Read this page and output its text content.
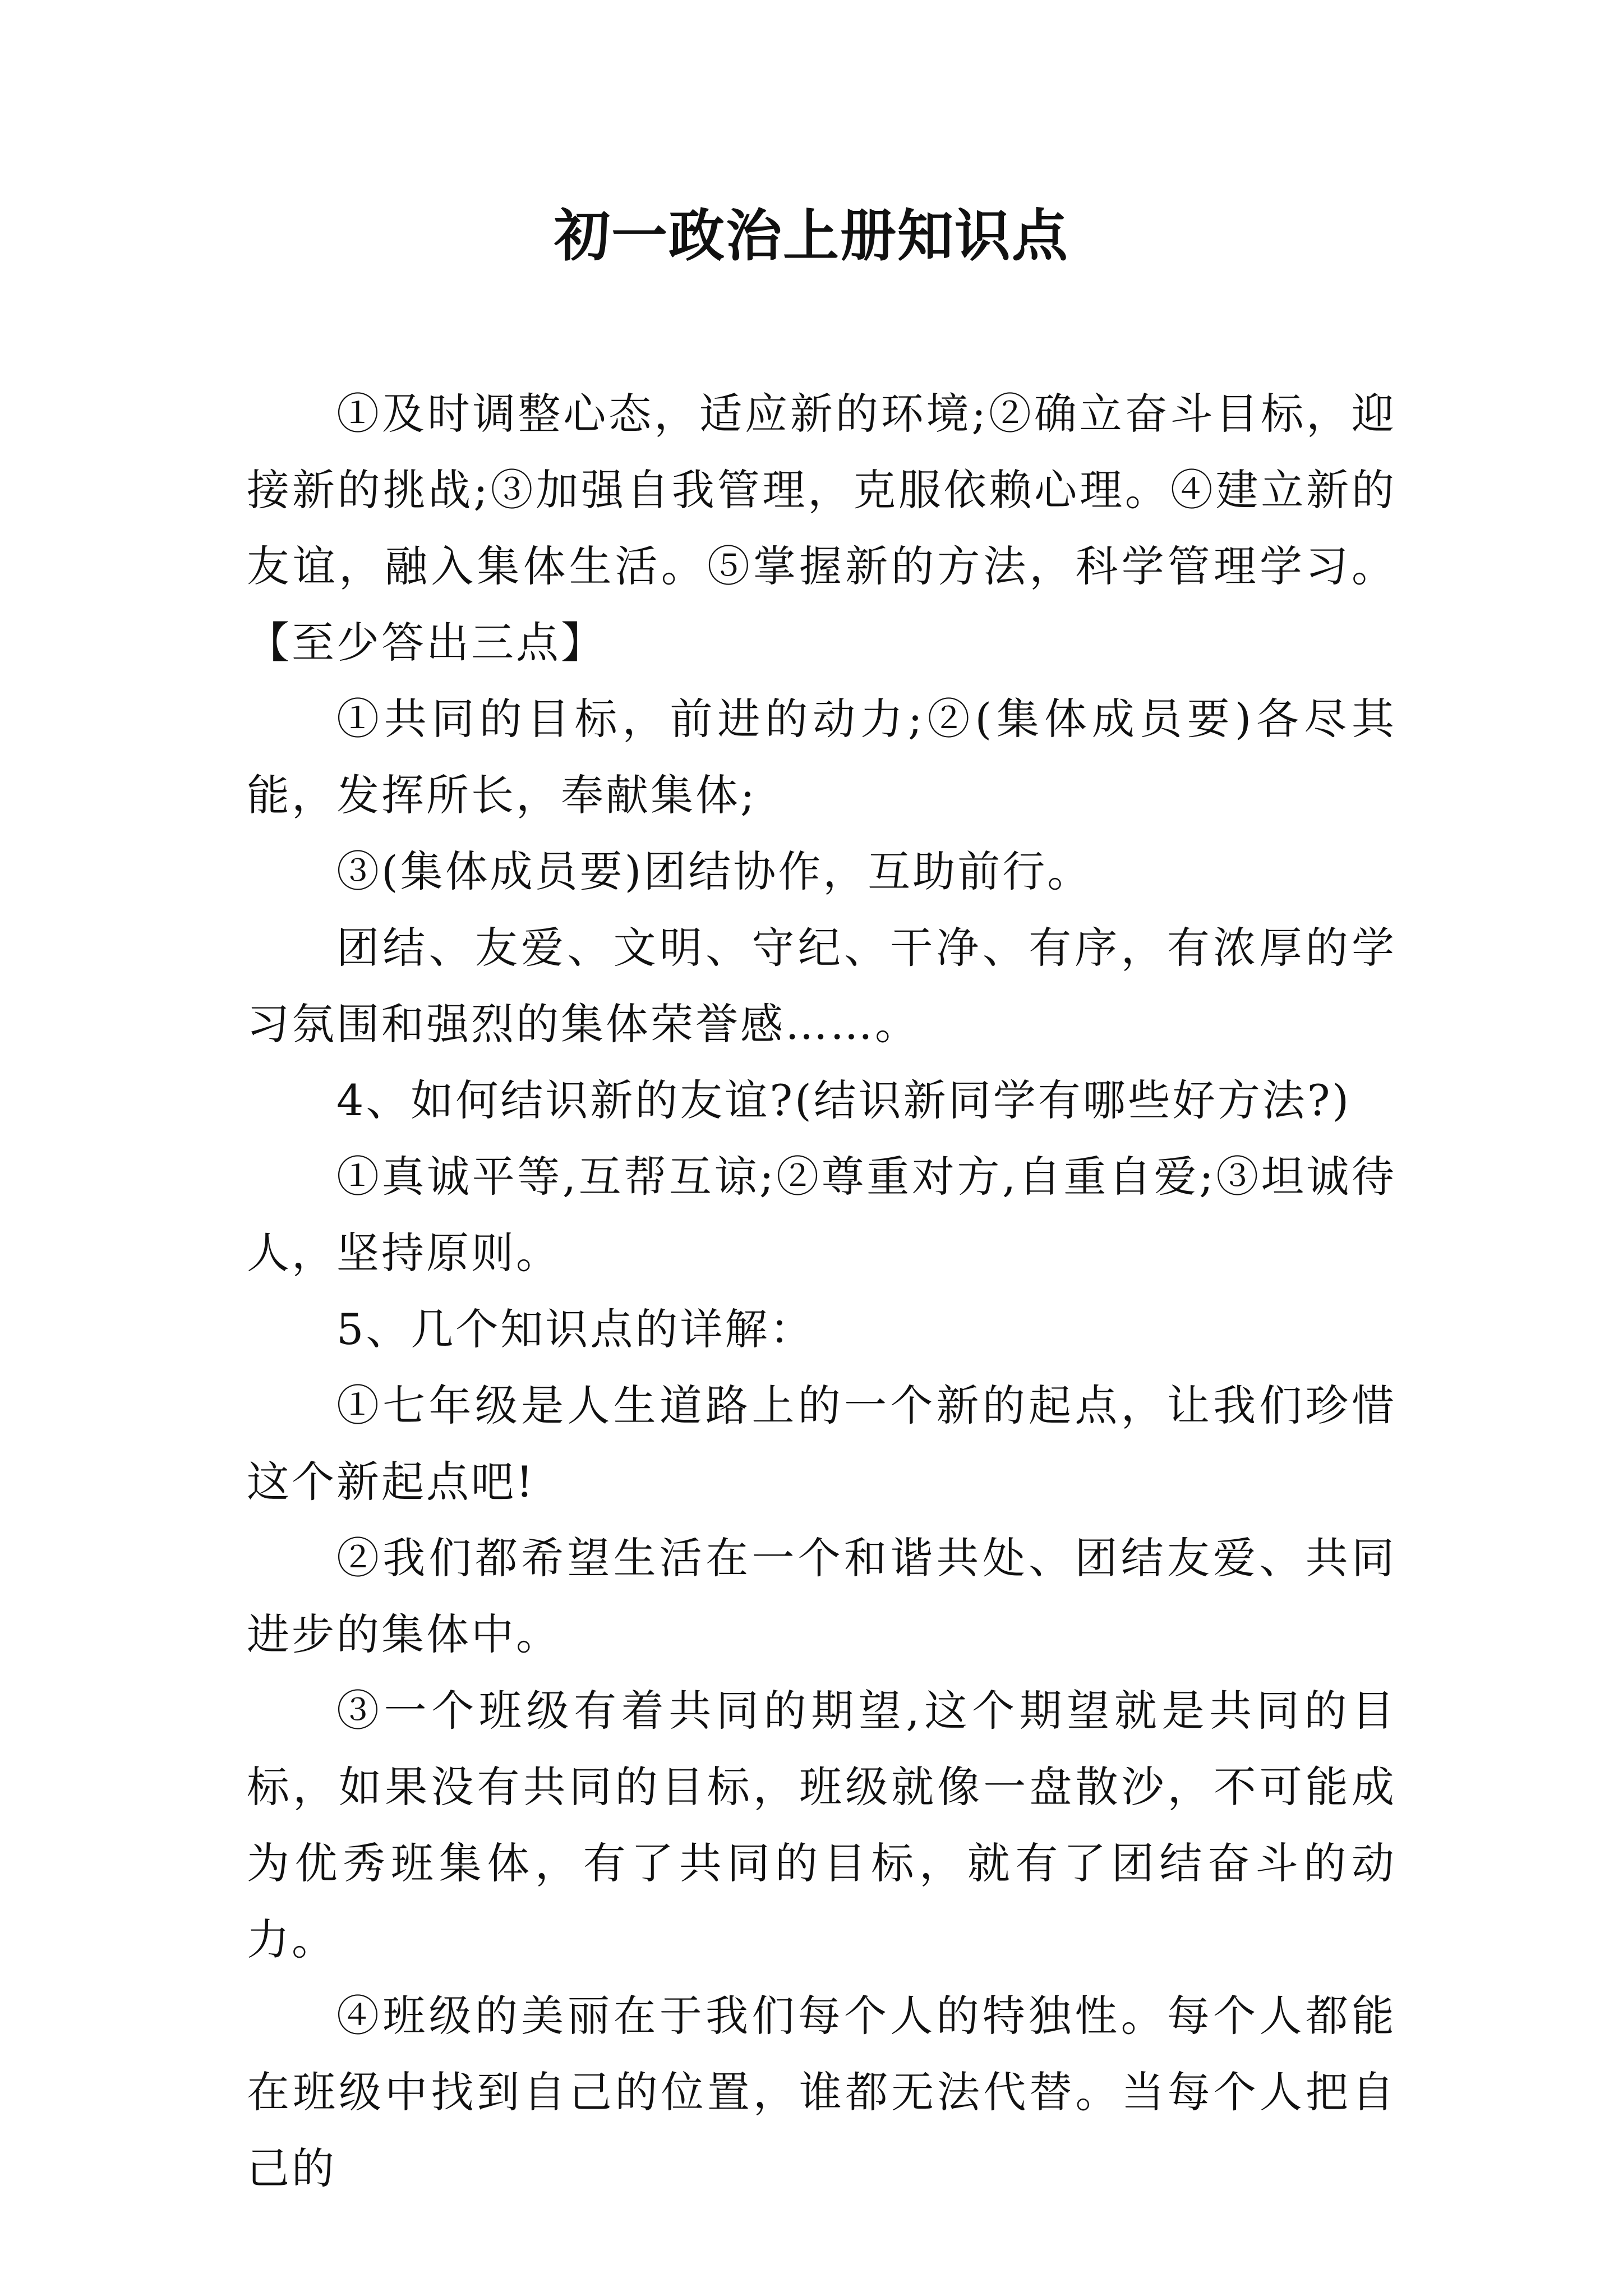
初一政治上册知识点

①及时调整心态，适应新的环境;②确立奋斗目标，迎接新的挑战;③加强自我管理，克服依赖心理。④建立新的友谊，融入集体生活。⑤掌握新的方法，科学管理学习。【至少答出三点】

①共同的目标，前进的动力;②(集体成员要)各尽其能，发挥所长，奉献集体;

③(集体成员要)团结协作，互助前行。

团结、友爱、文明、守纪、干净、有序，有浓厚的学习氛围和强烈的集体荣誉感……。

4、如何结识新的友谊?(结识新同学有哪些好方法?)

①真诚平等,互帮互谅;②尊重对方,自重自爱;③坦诚待人，坚持原则。

5、几个知识点的详解：

①七年级是人生道路上的一个新的起点，让我们珍惜这个新起点吧!

②我们都希望生活在一个和谐共处、团结友爱、共同进步的集体中。

③一个班级有着共同的期望,这个期望就是共同的目标，如果没有共同的目标，班级就像一盘散沙，不可能成为优秀班集体，有了共同的目标，就有了团结奋斗的动力。

④班级的美丽在于我们每个人的特独性。每个人都能在班级中找到自己的位置，谁都无法代替。当每个人把自己的
